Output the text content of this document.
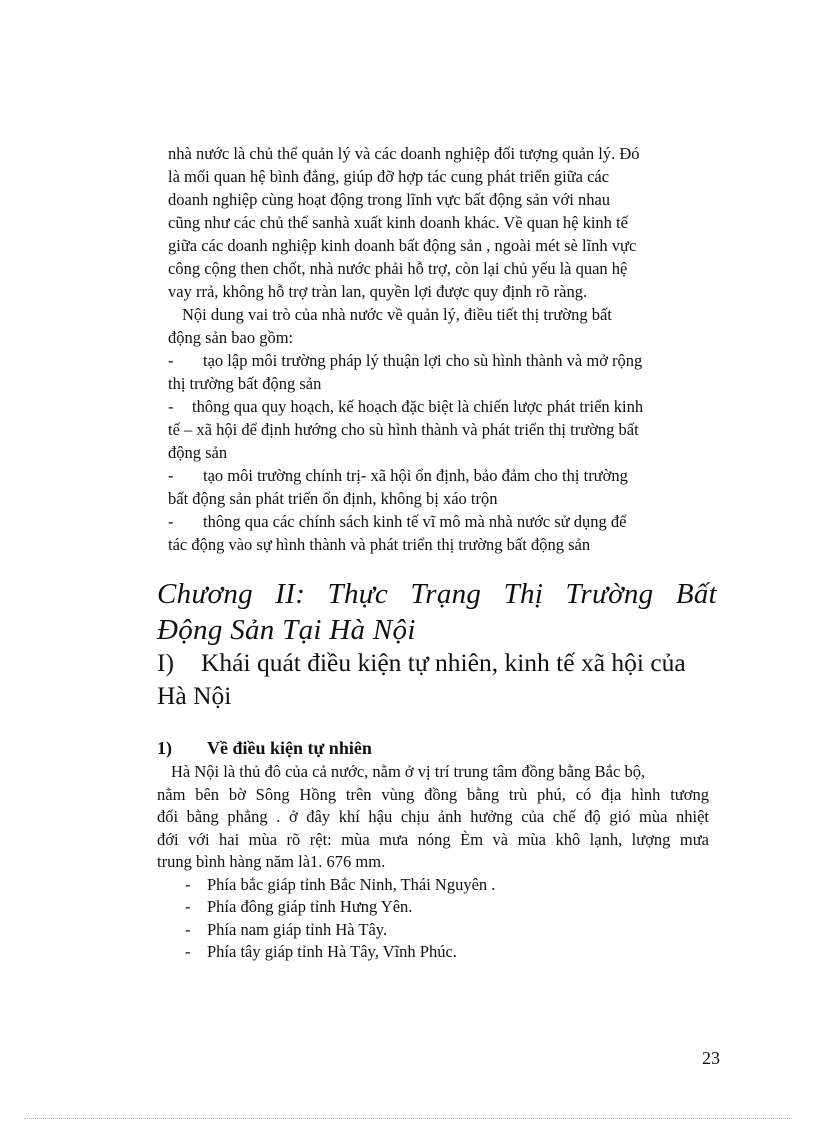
nhà nước là chủ thể quản lý và các doanh nghiệp đối tượng quản lý. Đó
là mối quan hệ bình đẳng, giúp đỡ hợp tác cung phát triển giữa các
doanh nghiệp cùng hoạt động trong lĩnh vực bất động sản với nhau
cũng như các chủ thể sanhà xuất kinh doanh khác. Về quan hệ kinh tế
giữa các doanh nghiệp kinh doanh bất động sản , ngoài mét sè lĩnh vực
công cộng then chốt, nhà nước phải hỗ trợ, còn lại chủ yếu là quan hệ
vay rrả, không hỗ trợ tràn lan, quyền lợi được quy định rõ ràng.
Nội dung vai trò của nhà nước về quản lý, điều tiết thị trường bất
động sản bao gồm:
-	tạo lập môi trường pháp lý thuận lợi cho sù hình thành và mở rộng
thị trường bất động sản
-	thông qua quy hoạch, kế hoạch đặc biệt là chiến lược phát triển kinh
tế – xã hội để định hướng cho sù hình thành và phát triển thị trường bất
động sản
-	tạo môi trường chính trị- xã hội ổn định, bảo đảm cho thị trường
bất động sản phát triển ổn định, không bị xáo trộn
-	thông qua các chính sách kinh tế vĩ mô mà nhà nước sử dụng để
tác động vào sự hình thành và phát triển thị trường bất động sản
Chương II: Thực Trạng Thị Trường Bất
Động Sản Tại Hà Nội
I)	Khái quát điều kiện tự nhiên, kinh tế xã hội của
Hà Nội
1)	Về điều kiện tự nhiên
Hà Nội là thủ đô của cả nước, nằm ở vị trí trung tâm đồng bằng Bắc bộ,
nằm bên bờ Sông Hồng trên vùng đồng bằng trù phú, có địa hình tương
đối bằng phẳng . ở đây khí hậu chịu ảnh hưởng của chế độ gió mùa nhiệt
đới với hai mùa rõ rệt: mùa mưa nóng Èm và mùa khô lạnh, lượng mưa
trung bình hàng năm là1. 676 mm.
-	Phía bắc giáp tỉnh Bắc Ninh, Thái Nguyên .
-	Phía đông giáp tỉnh Hưng Yên.
-	Phía nam giáp tỉnh Hà Tây.
-	Phía tây giáp tỉnh Hà Tây, Vĩnh Phúc.
23
